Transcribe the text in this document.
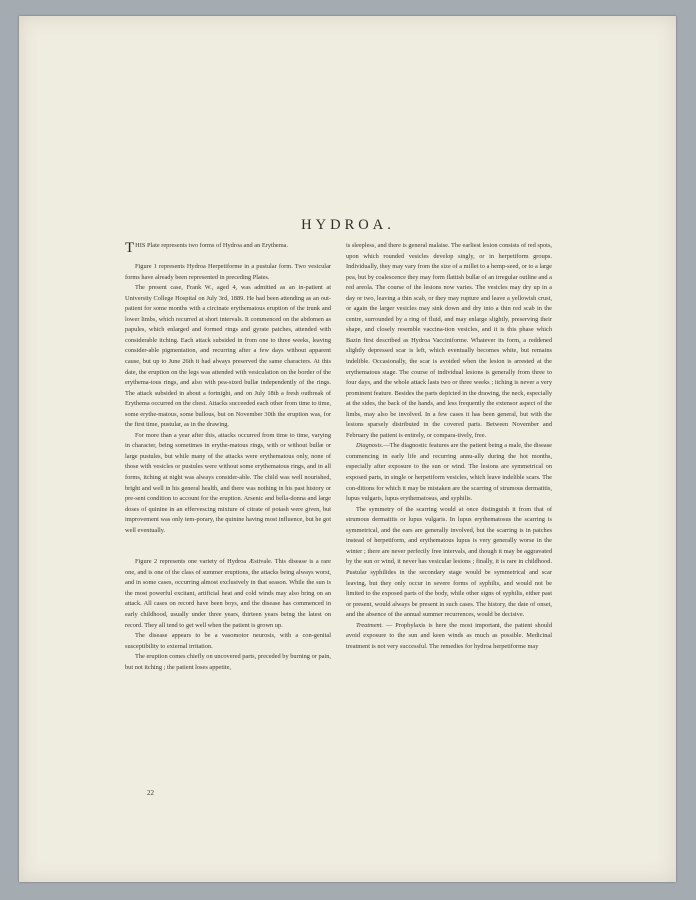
HYDROA.

THIS Plate represents two forms of Hydroa and an Erythema.

Figure 1 represents Hydroa Herpetiforme in a pustular form. Two vesicular forms have already been represented in preceding Plates.

The present case, Frank W., aged 4, was admitted as an in-patient at University College Hospital on July 3rd, 1889. He had been attending as an out-patient for some months with a circinate erythematous eruption of the trunk and lower limbs, which recurred at short intervals. It commenced on the abdomen as papules, which enlarged and formed rings and gyrate patches, attended with considerable itching. Each attack subsided in from one to three weeks, leaving consider-able pigmentation, and recurring after a few days without apparent cause, but up to June 26th it had always preserved the same characters. At this date, the eruption on the legs was attended with vesiculation on the border of the erythema-tous rings, and also with pea-sized bullæ independently of the rings. The attack subsided in about a fortnight, and on July 18th a fresh outbreak of Erythema occurred on the chest. Attacks succeeded each other from time to time, some erythe-matous, some bullous, but on November 30th the eruption was, for the first time, pustular, as in the drawing.

For more than a year after this, attacks occurred from time to time, varying in character, being sometimes in erythe-matous rings, with or without bullæ or large pustules, but while many of the attacks were erythematous only, none of those with vesicles or pustules were without some erythematous rings, and in all forms, itching at night was always consider-able. The child was well nourished, bright and well in his general health, and there was nothing in his past history or pre-sent condition to account for the eruption. Arsenic and bella-donna and large doses of quinine in an effervescing mixture of citrate of potash were given, but improvement was only tem-porary, the quinine having most influence, but he got well eventually.

Figure 2 represents one variety of Hydroa Æstivale. This disease is a rare one, and is one of the class of summer eruptions, the attacks being always worst, and in some cases, occurring almost exclusively in that season. While the sun is the most powerful excitant, artificial heat and cold winds may also bring on an attack. All cases on record have been boys, and the disease has commenced in early childhood, usually under three years, thirteen years being the latest on record. They all tend to get well when the patient is grown up.

The disease appears to be a vasomotor neurosis, with a con-genital susceptibility to external irritation.

The eruption comes chiefly on uncovered parts, preceded by burning or pain, but not itching ; the patient loses appetite,

is sleepless, and there is general malaise. The earliest lesion consists of red spots, upon which rounded vesicles develop singly, or in herpetiform groups. Individually, they may vary from the size of a millet to a hemp-seed, or to a large pea, but by coalescence they may form flattish bullæ of an irregular outline and a red areola. The course of the lesions now varies. The vesicles may dry up in a day or two, leaving a thin scab, or they may rupture and leave a yellowish crust, or again the larger vesicles may sink down and dry into a thin red scab in the centre, surrounded by a ring of fluid, and may enlarge slightly, preserving their shape, and closely resemble vaccina-tion vesicles, and it is this phase which Bazin first described as Hydroa Vacciniforme. Whatever its form, a reddened slightly depressed scar is left, which eventually becomes white, but remains indelible. Occasionally, the scar is avoided when the lesion is arrested at the erythematous stage. The course of individual lesions is generally from three to four days, and the whole attack lasts two or three weeks ; itching is never a very prominent feature. Besides the parts depicted in the drawing, the neck, especially at the sides, the back of the hands, and less frequently the extensor aspect of the limbs, may also be involved. In a few cases it has been general, but with the lesions sparsely distributed in the covered parts. Between November and February the patient is entirely, or compara-tively, free.

Diagnosis.—The diagnostic features are the patient being a male, the disease commencing in early life and recurring annu-ally during the hot months, especially after exposure to the sun or wind. The lesions are symmetrical on exposed parts, in single or herpetiform vesicles, which leave indelible scars. The con-ditions for which it may be mistaken are the scarring of strumous dermatitis, lupus vulgaris, lupus erythematosus, and syphilis.

The symmetry of the scarring would at once distinguish it from that of strumous dermatitis or lupus vulgaris. In lupus erythematosus the scarring is symmetrical, and the ears are generally involved, but the scarring is in patches instead of herpetiform, and erythematous lupus is very generally worse in the winter ; there are never perfectly free intervals, and though it may be aggravated by the sun or wind, it never has vesicular lesions ; finally, it is rare in childhood. Pustular syphilides in the secondary stage would be symmetrical and scar leaving, but they only occur in severe forms of syphilis, and would not be limited to the exposed parts of the body, while other signs of syphilis, either past or present, would always be present in such cases. The history, the date of onset, and the absence of the annual summer recurrences, would be decisive.

Treatment. — Prophylaxis is here the most important, the patient should avoid exposure to the sun and keen winds as much as possible. Medicinal treatment is not very successful. The remedies for hydroa herpetiforme may

22
